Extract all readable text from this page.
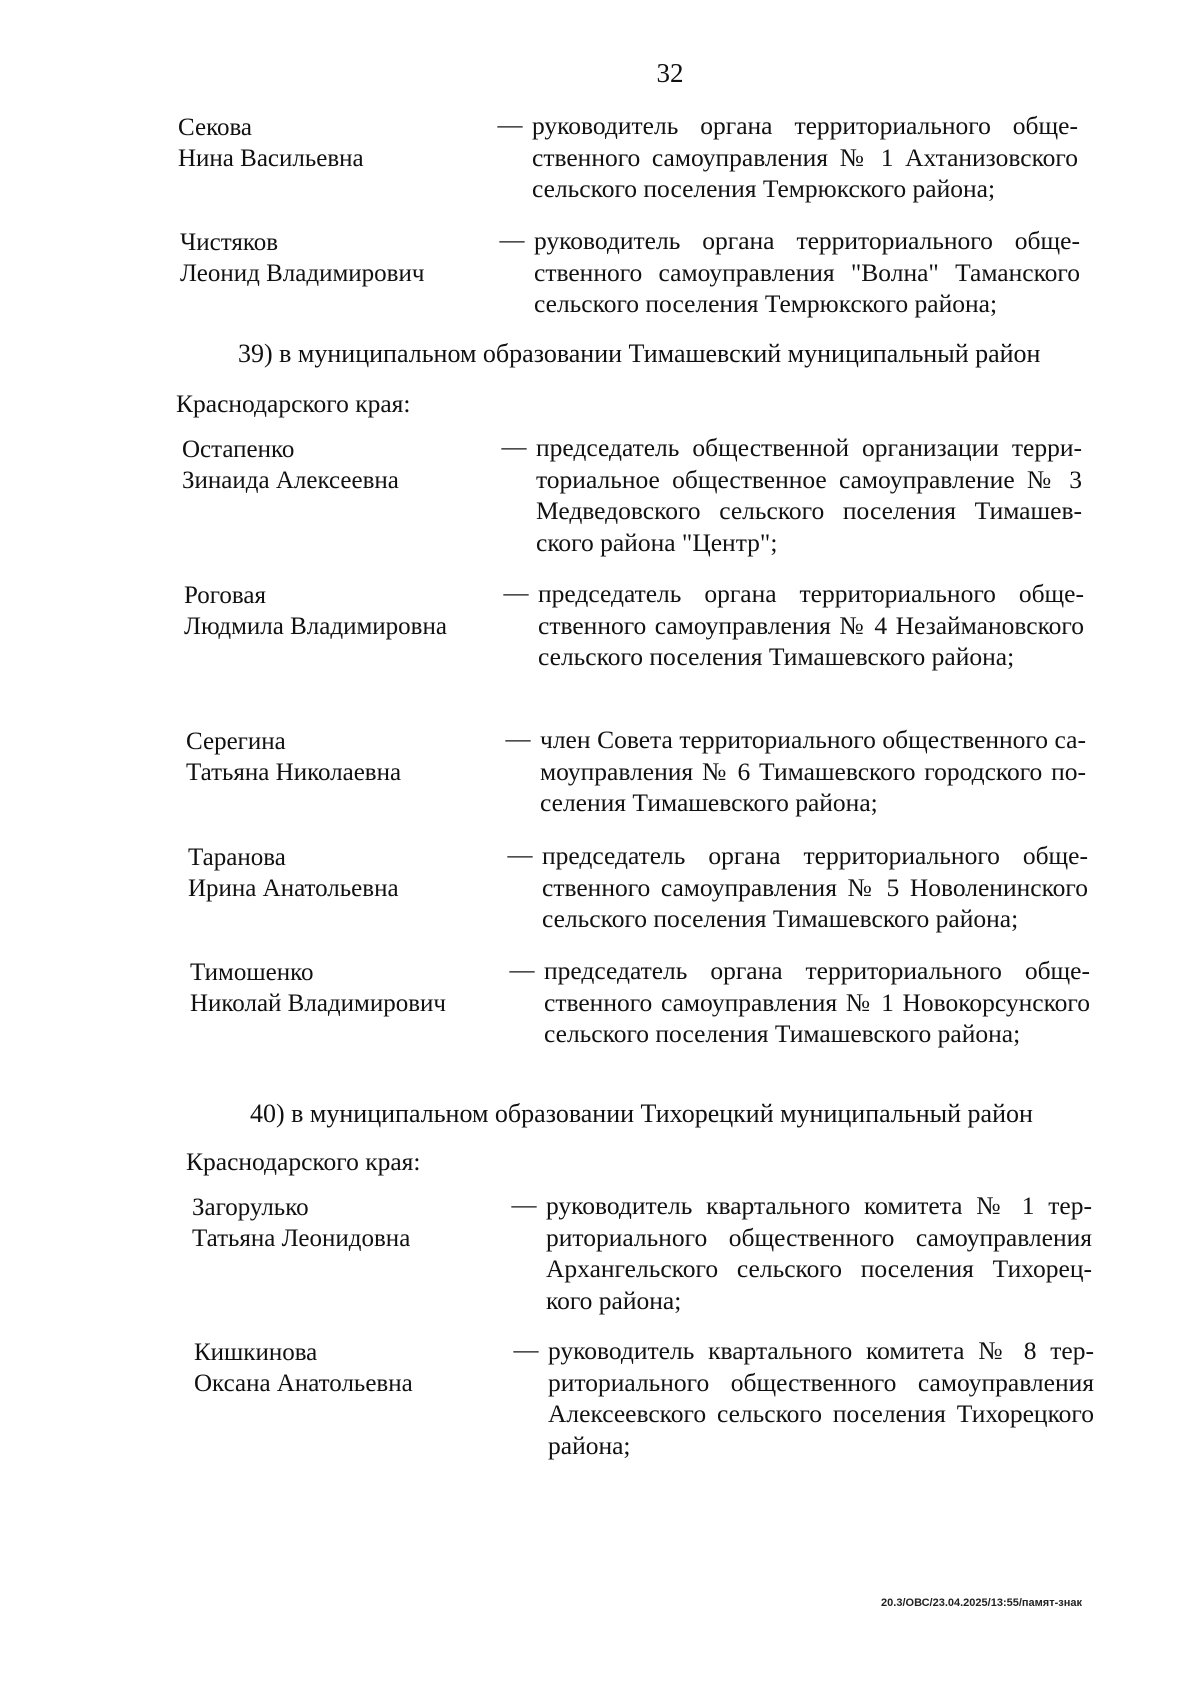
32
Секова
Нина Васильевна
— руководитель органа территориального общественного самоуправления № 1 Ахтанизовского сельского поселения Темрюкского района;
Чистяков
Леонид Владимирович
— руководитель органа территориального общественного самоуправления "Волна" Таманского сельского поселения Темрюкского района;
39) в муниципальном образовании Тимашевский муниципальный район
Краснодарского края:
Остапенко
Зинаида Алексеевна
— председатель общественной организации территориальное общественное самоуправление № 3 Медведовского сельского поселения Тимашевского района "Центр";
Роговая
Людмила Владимировна
— председатель органа территориального общественного самоуправления № 4 Незаймановского сельского поселения Тимашевского района;
Серегина
Татьяна Николаевна
— член Совета территориального общественного самоуправления № 6 Тимашевского городского поселения Тимашевского района;
Таранова
Ирина Анатольевна
— председатель органа территориального общественного самоуправления № 5 Новоленинского сельского поселения Тимашевского района;
Тимошенко
Николай Владимирович
— председатель органа территориального общественного самоуправления № 1 Новокорсунского сельского поселения Тимашевского района;
40) в муниципальном образовании Тихорецкий муниципальный район
Краснодарского края:
Загорулько
Татьяна Леонидовна
— руководитель квартального комитета № 1 территориального общественного самоуправления Архангельского сельского поселения Тихорецкого района;
Кишкинова
Оксана Анатольевна
— руководитель квартального комитета № 8 территориального общественного самоуправления Алексеевского сельского поселения Тихорецкого района;
20.3/ОВС/23.04.2025/13:55/памят-знак
